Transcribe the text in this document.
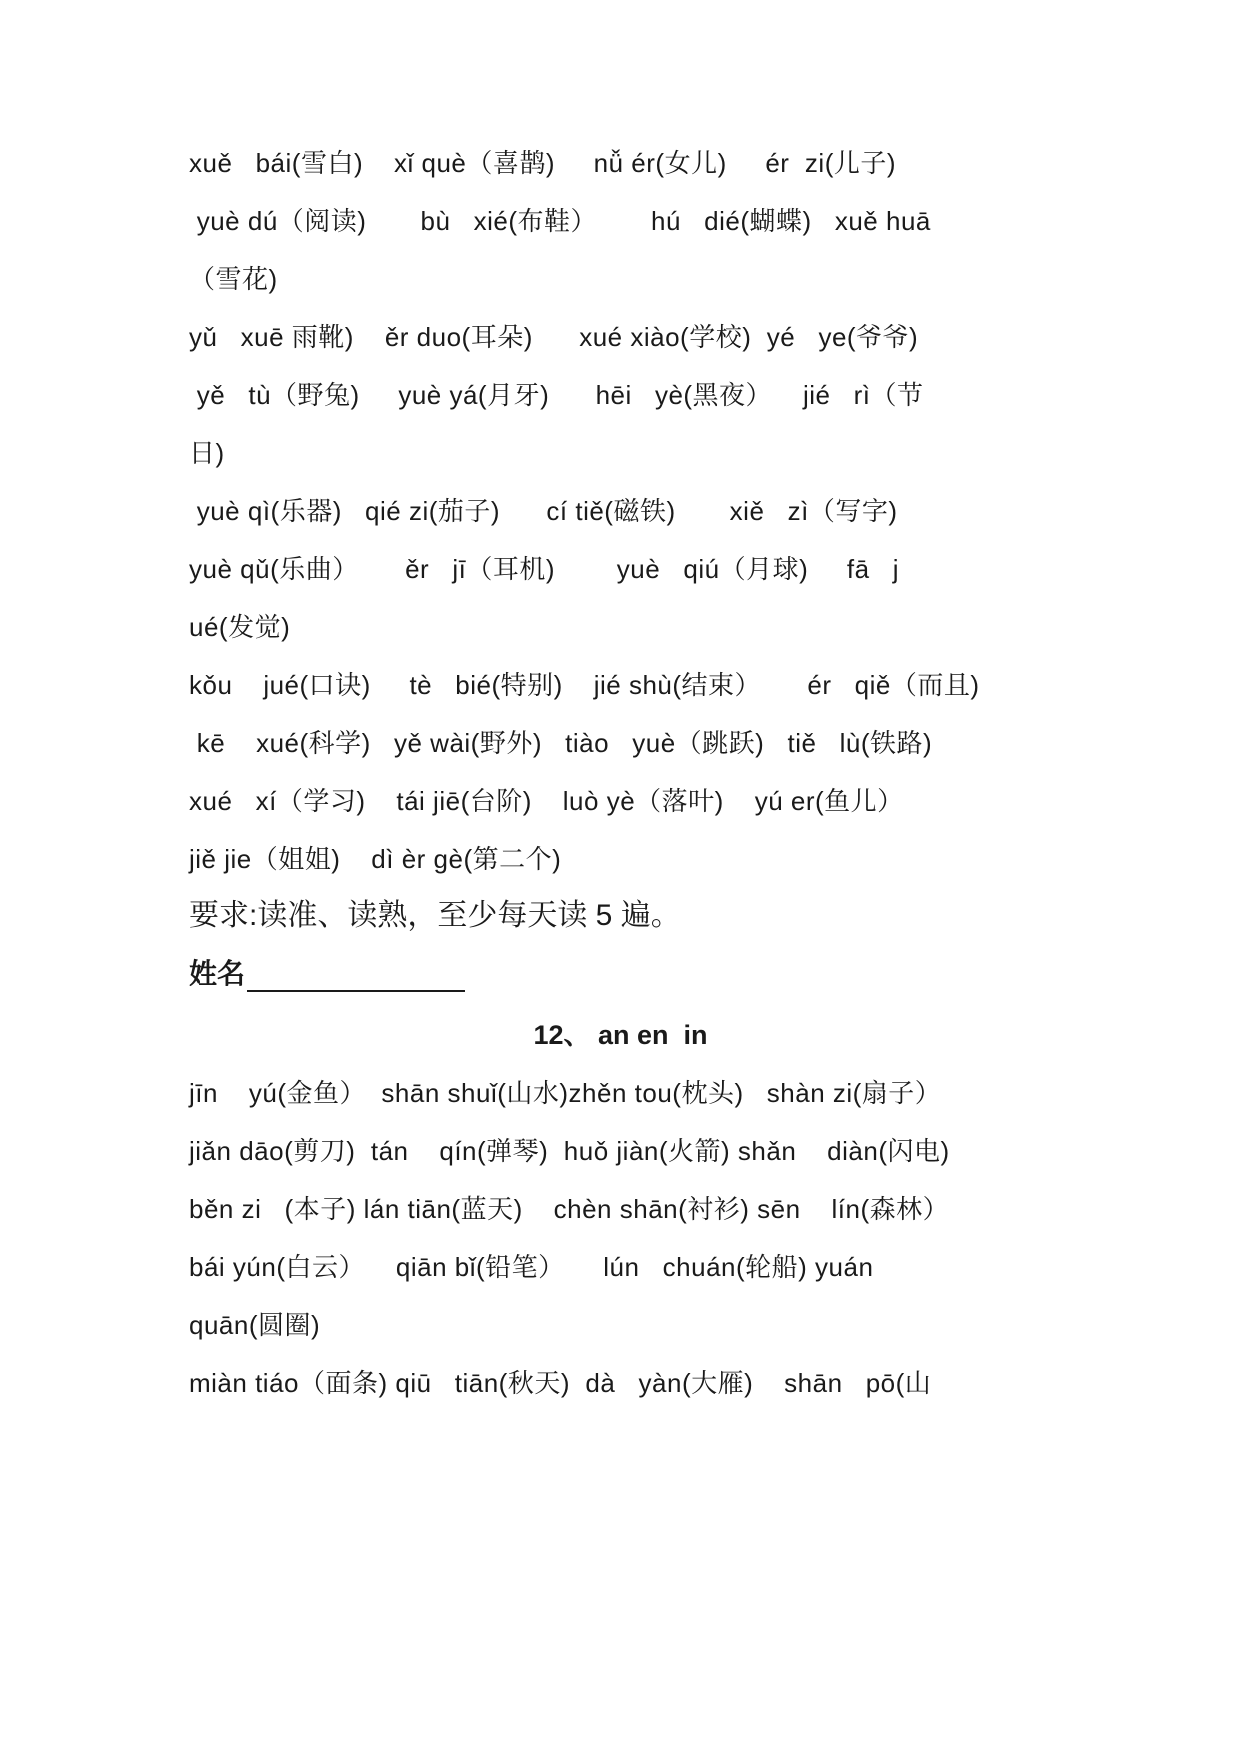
xuě   bái(雪白)    xǐ què（喜鹊)     nǚ ér(女儿)     ér  zi(儿子)
yuè dú（阅读)       bù   xié(布鞋）       hú   dié(蝴蝶)   xuě huā
（雪花)
yǔ   xuē 雨靴)    ěr duo(耳朵)      xué xiào(学校)  yé   ye(爷爷)
yě   tù（野兔)     yuè yá(月牙)      hēi   yè(黑夜）    jié   rì（节
日)
yuè qì(乐器)   qié zi(茄子)      cí tiě(磁铁)       xiě   zì（写字)
yuè qǔ(乐曲）      ěr   jī（耳机)        yuè   qiú（月球)     fā   j
ué(发觉)
kǒu    jué(口诀)     tè   bié(特别)    jié shù(结束）      ér   qiě（而且)
kē    xué(科学)   yě wài(野外)   tiào   yuè（跳跃)   tiě   lù(铁路)
xué   xí（学习)    tái jiē(台阶)    luò yè（落叶)    yú er(鱼儿）
jiě jie（姐姐)    dì èr gè(第二个)
要求:读准、读熟，至少每天读 5 遍。
姓名
12、 an en  in
jīn    yú(金鱼）  shān shuǐ(山水)zhěn tou(枕头)   shàn zi(扇子）
jiǎn dāo(剪刀)  tán    qín(弹琴)  huǒ jiàn(火箭) shǎn    diàn(闪电)
běn zi   (本子) lán tiān(蓝天)    chèn shān(衬衫) sēn    lín(森林）
bái yún(白云）    qiān bǐ(铅笔）     lún   chuán(轮船) yuán
quān(圆圈)
miàn tiáo（面条) qiū   tiān(秋天)  dà   yàn(大雁)    shān   pō(山
